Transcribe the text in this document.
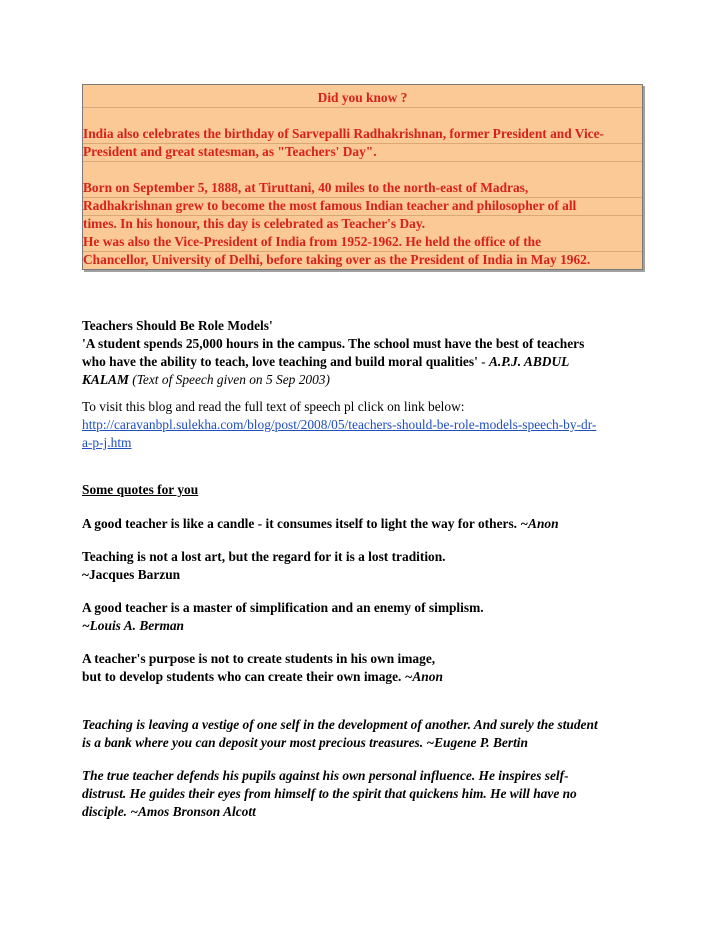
Did you know ?
India also celebrates the birthday of Sarvepalli Radhakrishnan, former President and Vice-
President and great statesman, as "Teachers' Day".
Born on September 5, 1888, at Tiruttani, 40 miles to the north-east of Madras,
Radhakrishnan grew to become the most famous Indian teacher and philosopher of all
times. In his honour, this day is celebrated as Teacher's Day.
He was also the Vice-President of India from 1952-1962. He held the office of the
Chancellor, University of Delhi, before taking over as the President of India in May 1962.
Teachers Should Be Role Models'
'A student spends 25,000 hours in the campus. The school must have the best of teachers
who have the ability to teach, love teaching and build moral qualities' - A.P.J. ABDUL
KALAM (Text of Speech given on 5 Sep 2003)
To visit this blog and read the full text of speech pl click on link below:
http://caravanbpl.sulekha.com/blog/post/2008/05/teachers-should-be-role-models-speech-by-dr-
a-p-j.htm
Some quotes for you
A good teacher is like a candle - it consumes itself to light the way for others. ~Anon
Teaching is not a lost art, but the regard for it is a lost tradition.
~Jacques Barzun
A good teacher is a master of simplification and an enemy of simplism.
~Louis A. Berman
A teacher's purpose is not to create students in his own image,
but to develop students who can create their own image. ~Anon
Teaching is leaving a vestige of one self in the development of another. And surely the student
is a bank where you can deposit your most precious treasures. ~Eugene P. Bertin
The true teacher defends his pupils against his own personal influence. He inspires self-
distrust. He guides their eyes from himself to the spirit that quickens him. He will have no
disciple. ~Amos Bronson Alcott
